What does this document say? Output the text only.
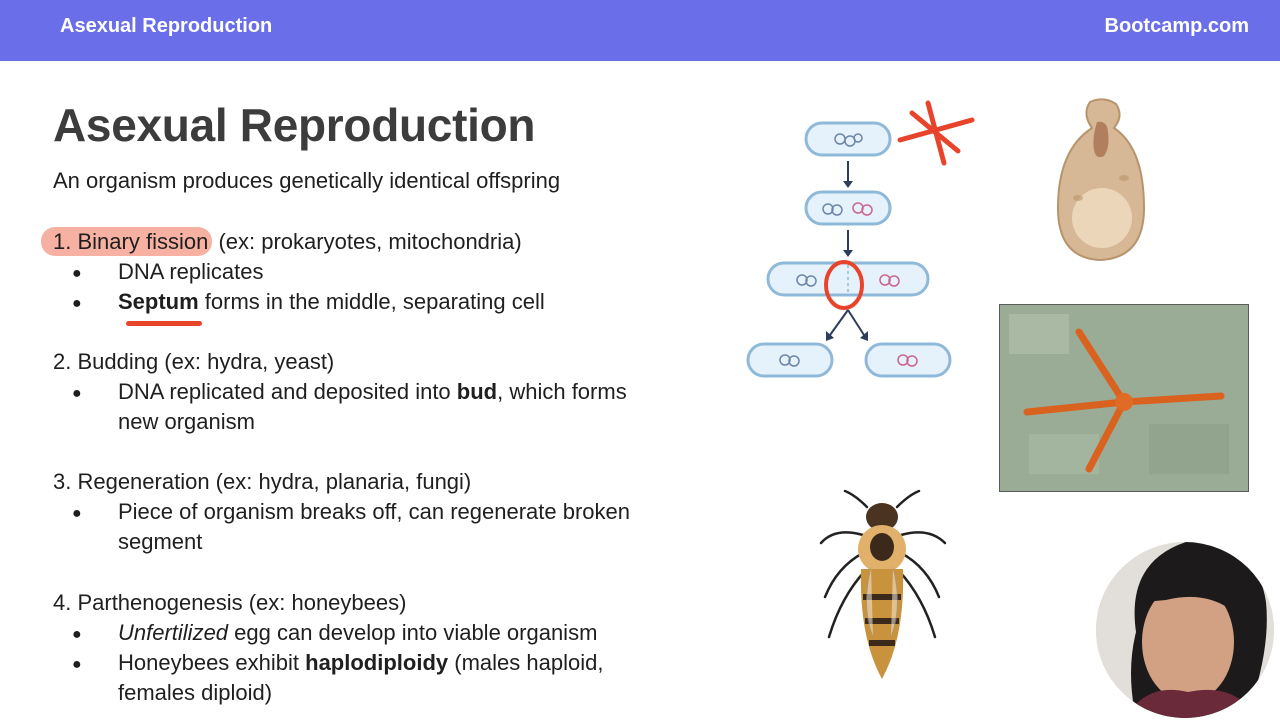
Asexual Reproduction	Bootcamp.com
Asexual Reproduction
An organism produces genetically identical offspring
1. Binary fission (ex: prokaryotes, mitochondria)
● DNA replicates
● Septum forms in the middle, separating cell
2. Budding (ex: hydra, yeast)
● DNA replicated and deposited into bud, which forms
new organism
3. Regeneration (ex: hydra, planaria, fungi)
● Piece of organism breaks off, can regenerate broken
segment
4. Parthenogenesis (ex: honeybees)
● Unfertilized egg can develop into viable organism
● Honeybees exhibit haplodiploidy (males haploid,
females diploid)
